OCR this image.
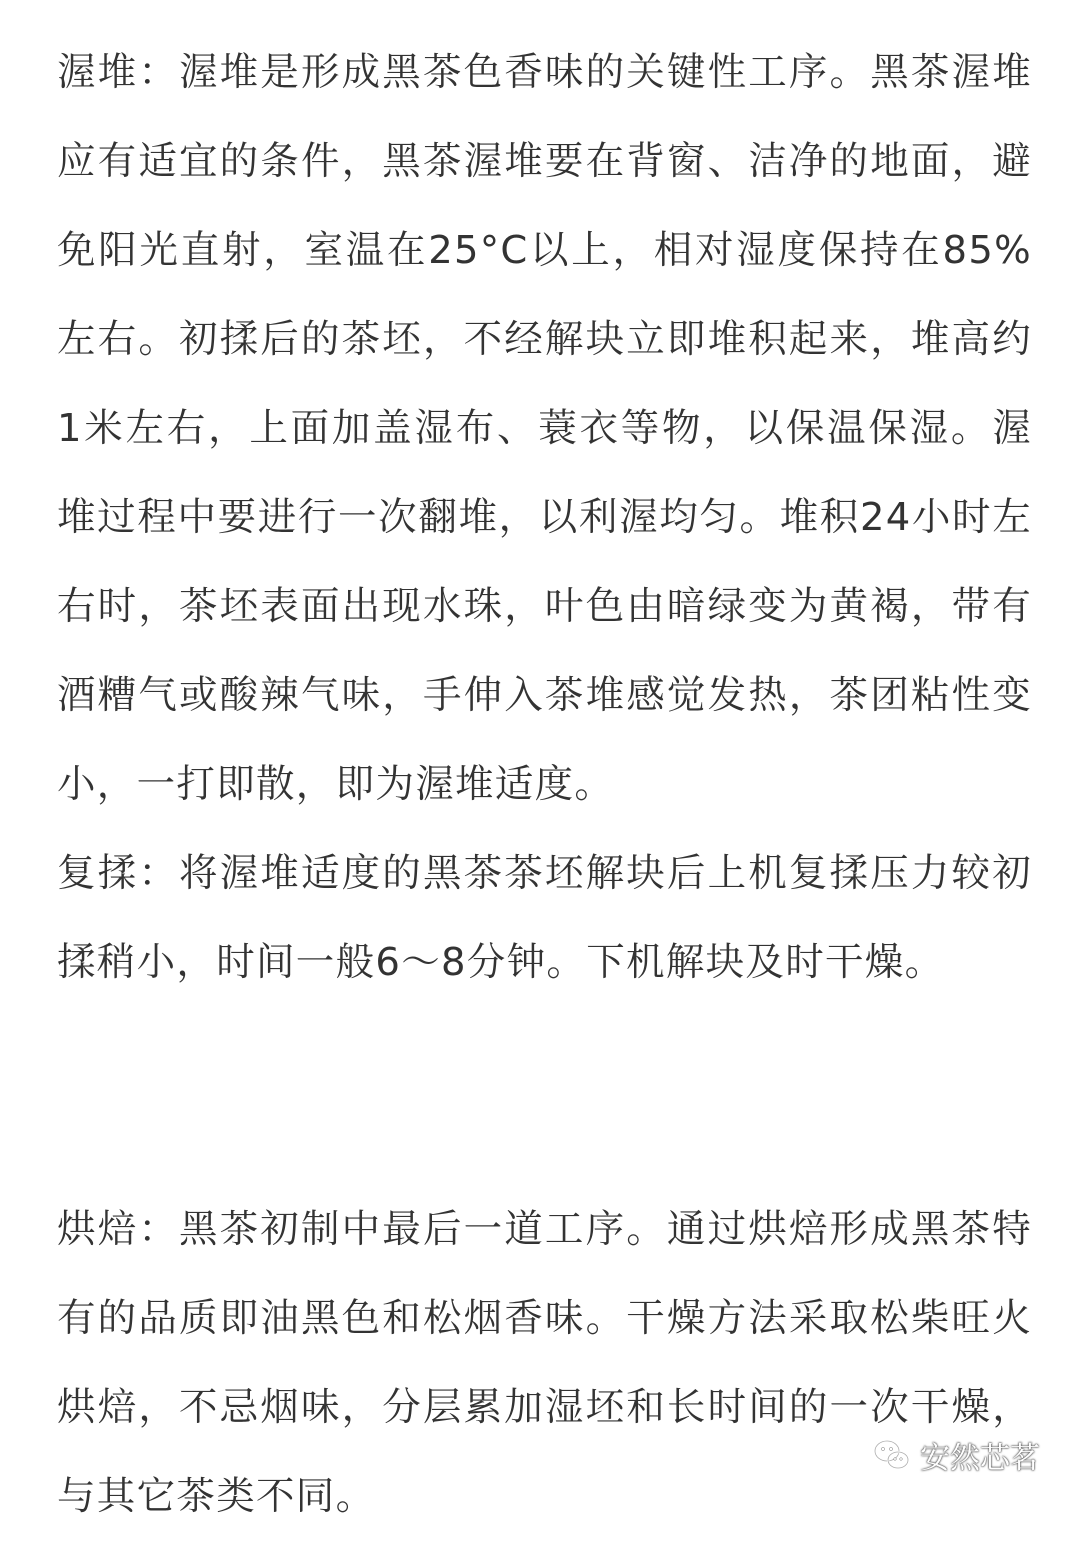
渥堆：渥堆是形成黑茶色香味的关键性工序。黑茶渥堆应有适宜的条件，黑茶渥堆要在背窗、洁净的地面，避免阳光直射，室温在25°C以上，相对湿度保持在85%左右。初揉后的茶坯，不经解块立即堆积起来，堆高约1米左右，上面加盖湿布、蓑衣等物，以保温保湿。渥堆过程中要进行一次翻堆，以利渥均匀。堆积24小时左右时，茶坯表面出现水珠，叶色由暗绿变为黄褐，带有酒糟气或酸辣气味，手伸入茶堆感觉发热，茶团粘性变小，一打即散，即为渥堆适度。

复揉：将渥堆适度的黑茶茶坯解块后上机复揉压力较初揉稍小，时间一般6～8分钟。下机解块及时干燥。

烘焙：黑茶初制中最后一道工序。通过烘焙形成黑茶特有的品质即油黑色和松烟香味。干燥方法采取松柴旺火烘焙，不忌烟味，分层累加湿坯和长时间的一次干燥，与其它茶类不同。

安然芯茗
